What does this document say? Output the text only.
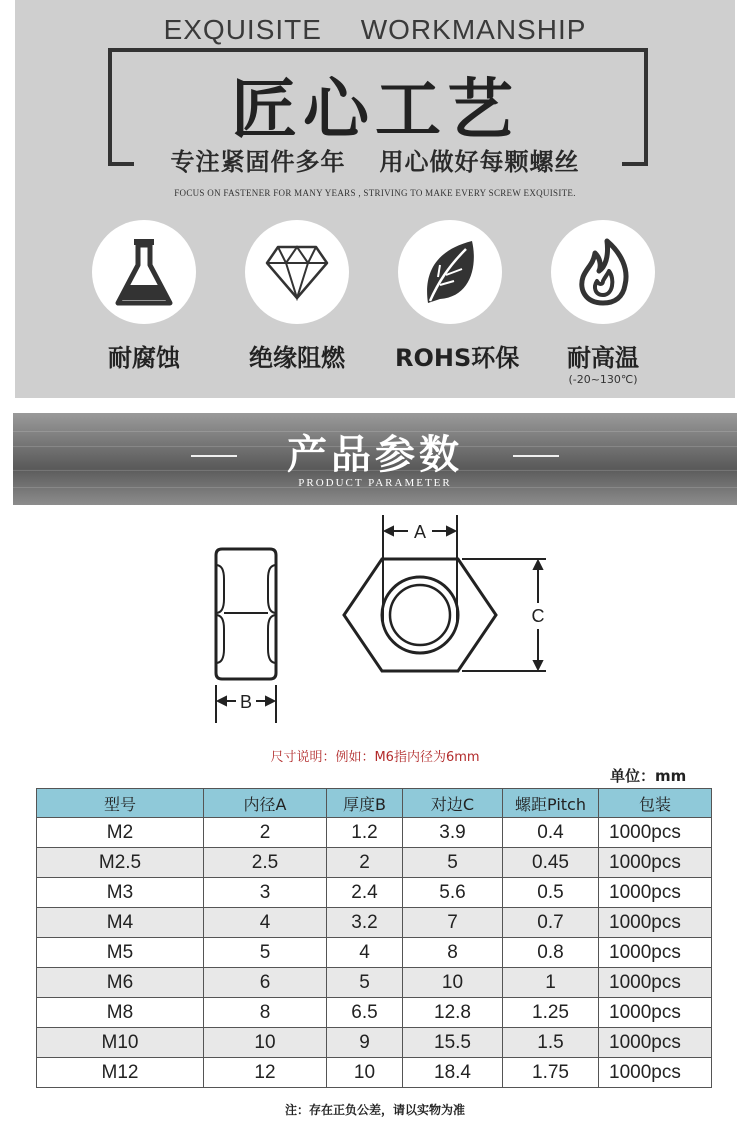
EXQUISITE WORKMANSHIP
匠心工艺
专注紧固件多年 用心做好每颗螺丝
FOCUS ON FASTENER FOR MANY YEARS , STRIVING TO MAKE EVERY SCREW EXQUISITE.
耐腐蚀	绝缘阻燃 ROHS环保	耐高温
(-20~130℃)
产品参数
PRODUCT PARAMETER
B
A
C
尺寸说明：例如：M6指内径为6mm
单位：mm
型号	内径A	厚度B	对边C	螺距Pitch	包装
M2	2	1.2	3.9	0.4	1000pcs
M2.5	2.5	2	5	0.45	1000pcs
M3	3	2.4	5.6	0.5	1000pcs
M4	4	3.2	7	0.7	1000pcs
M5	5	4	8	0.8	1000pcs
M6	6	5	10	1	1000pcs
M8	8	6.5	12.8	1.25	1000pcs
M10	10	9	15.5	1.5	1000pcs
M12	12	10	18.4	1.75	1000pcs
注：存在正负公差，请以实物为准
